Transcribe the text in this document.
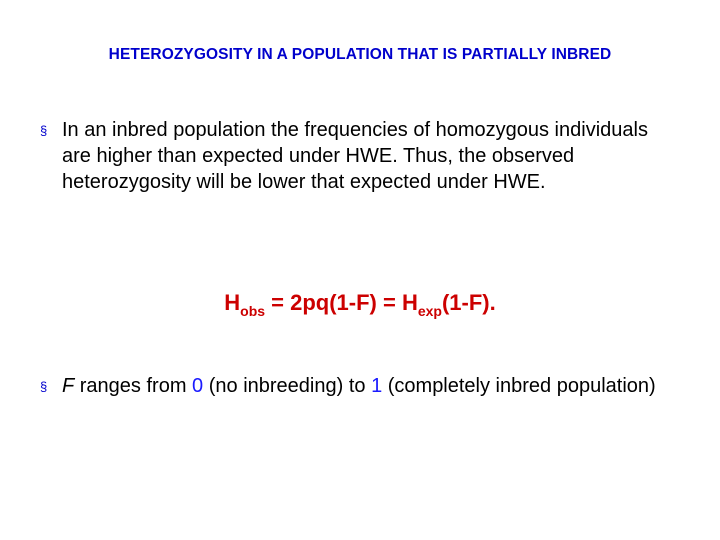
HETEROZYGOSITY IN A POPULATION THAT IS PARTIALLY INBRED
§ In an inbred population the frequencies of homozygous individuals are higher than expected under HWE. Thus, the observed heterozygosity will be lower that expected under HWE.
$H_{obs} = 2pq(1-F) = H_{exp}(1-F)$.
§ F ranges from 0 (no inbreeding) to 1 (completely inbred population)
